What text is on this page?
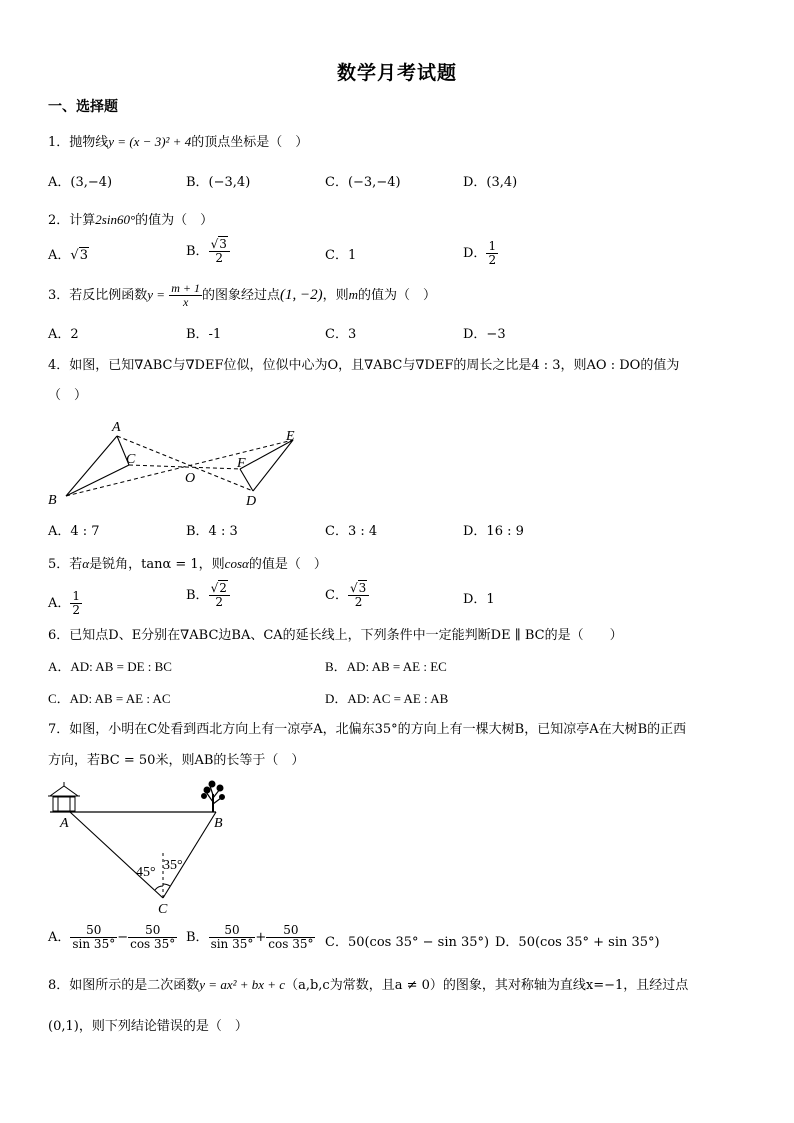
数学月考试题
一、选择题
1．抛物线y = (x − 3)² + 4的顶点坐标是（　）
A．(3,−4)	B．(−3,4)	C．(−3,−4)	D．(3,4)
2．计算2sin60°的值为（　）
A．√3	B． $\frac{√3}{2}$	C．1	D． $\frac{1}{2}$
3．若反比例函数$y = \frac{m + 1}{x}$ 的图象经过点(1, −2)，则m的值为（　）
A．2	B．-1	C．3	D．−3
4．如图，已知∇ABC与∇DEF位似，位似中心为O，且∇ABC与∇DEF的周长之比是4 : 3，则AO : DO的值为
（　）
A
C
B
O
F
E
D
A．4 : 7	B．4 : 3	C．3 : 4	D．16 : 9
5．若α是锐角，tanα = 1，则cosα的值是（　）
A． $\frac{1}{2}$	B． $\frac{√2}{2}$	C． $\frac{√3}{2}$	D．1
6．已知点D、E分别在∇ABC边BA、CA的延长线上，下列条件中一定能判断DE ∥ BC的是（　　）
A．AD: AB = DE : BC	B．AD: AB = AE : EC
C．AD: AB = AE : AC	D．AD: AC = AE : AB
7．如图，小明在C处看到西北方向上有一凉亭A，北偏东35°的方向上有一棵大树B，已知凉亭A在大树B的正西
方向，若BC = 50米，则AB的长等于（　）
A	B
C
45° 35°
A． $\frac{50}{\sin 35^\circ} - \frac{50}{\cos 35^\circ}$ B． $\frac{50}{\sin 35^\circ} + \frac{50}{\cos 35^\circ}$ C．50(cos 35° − sin 35°) D．50(cos 35° + sin 35°)
8．如图所示的是二次函数y = ax² + bx + c（a,b,c为常数，且a ≠ 0）的图象，其对称轴为直线x=−1，且经过点
(0,1)，则下列结论错误的是（　）
